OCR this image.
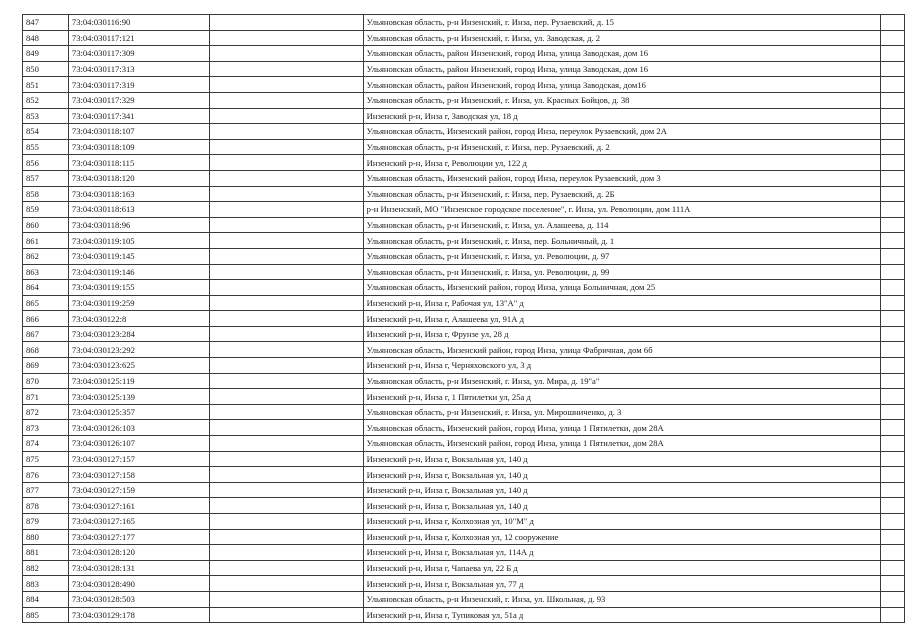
847	73:04:030116:90		Ульяновская область, р-н Инзенский, г. Инза, пер. Рузаевский, д. 15	
848	73:04:030117:121		Ульяновская область, р-н Инзенский, г. Инза, ул. Заводская, д. 2	
849	73:04:030117:309		Ульяновская область, район Инзенский, город Инза, улица Заводская, дом 16	
850	73:04:030117:313		Ульяновская область, район Инзенский, город Инза, улица Заводская, дом 16	
851	73:04:030117:319		Ульяновская область, район Инзенский, город Инза, улица Заводская, дом16	
852	73:04:030117:329		Ульяновская область, р-н Инзенский, г. Инза, ул. Красных Бойцов, д. 38	
853	73:04:030117:341		Инзенский р-н, Инза г, Заводская ул, 18 д	
854	73:04:030118:107		Ульяновская область, Инзенский район, город Инза, переулок Рузаевский, дом 2А	
855	73:04:030118:109		Ульяновская область, р-н Инзенский, г. Инза, пер. Рузаевский, д. 2	
856	73:04:030118:115		Инзенский р-н, Инза г, Революции ул, 122 д	
857	73:04:030118:120		Ульяновская область, Инзенский район, город Инза, переулок Рузаевский, дом 3	
858	73:04:030118:163		Ульяновская область, р-н Инзенский, г. Инза, пер. Рузаевский, д. 2Б	
859	73:04:030118:613		р-н Инзенский, МО "Инзенское городское поселение", г. Инза, ул. Революции, дом 111А	
860	73:04:030118:96		Ульяновская область, р-н Инзенский, г. Инза, ул. Алашеева, д. 114	
861	73:04:030119:105		Ульяновская область, р-н Инзенский, г. Инза, пер. Больничный, д. 1	
862	73:04:030119:145		Ульяновская область, р-н Инзенский, г. Инза, ул. Революции, д. 97	
863	73:04:030119:146		Ульяновская область, р-н Инзенский, г. Инза, ул. Революции, д. 99	
864	73:04:030119:155		Ульяновская область, Инзенский район, город Инза, улица Больничная, дом 25	
865	73:04:030119:259		Инзенский р-н, Инза г, Рабочая ул, 13"А" д	
866	73:04:030122:8		Инзенский р-н, Инза г, Алашеева ул, 91А д	
867	73:04:030123:284		Инзенский р-н, Инза г, Фрунзе ул, 28 д	
868	73:04:030123:292		Ульяновская область, Инзенский район, город Инза, улица Фабричная, дом 6б	
869	73:04:030123:625		Инзенский р-н, Инза г, Черняховского ул, 3 д	
870	73:04:030125:119		Ульяновская область, р-н Инзенский, г. Инза, ул. Мира, д. 19"а"	
871	73:04:030125:139		Инзенский р-н, Инза г, 1 Пятилетки ул, 25а д	
872	73:04:030125:357		Ульяновская область, р-н Инзенский, г. Инза, ул. Мирошниченко, д. 3	
873	73:04:030126:103		Ульяновская область, Инзенский район, город Инза, улица 1 Пятилетки, дом 28А	
874	73:04:030126:107		Ульяновская область, Инзенский район, город Инза, улица 1 Пятилетки, дом 28А	
875	73:04:030127:157		Инзенский р-н, Инза г, Вокзальная ул, 140 д	
876	73:04:030127:158		Инзенский р-н, Инза г, Вокзальная ул, 140 д	
877	73:04:030127:159		Инзенский р-н, Инза г, Вокзальная ул, 140 д	
878	73:04:030127:161		Инзенский р-н, Инза г, Вокзальная ул, 140 д	
879	73:04:030127:165		Инзенский р-н, Инза г, Колхозная ул, 10"М" д	
880	73:04:030127:177		Инзенский р-н, Инза г, Колхозная ул, 12 сооружение	
881	73:04:030128:120		Инзенский р-н, Инза г, Вокзальная ул, 114А д	
882	73:04:030128:131		Инзенский р-н, Инза г, Чапаева ул, 22 Б д	
883	73:04:030128:490		Инзенский р-н, Инза г, Вокзальная ул, 77 д	
884	73:04:030128:503		Ульяновская область, р-н Инзенский, г. Инза, ул. Школьная, д. 93	
885	73:04:030129:178		Инзенский р-н, Инза г, Тупиковая ул, 51а д	
